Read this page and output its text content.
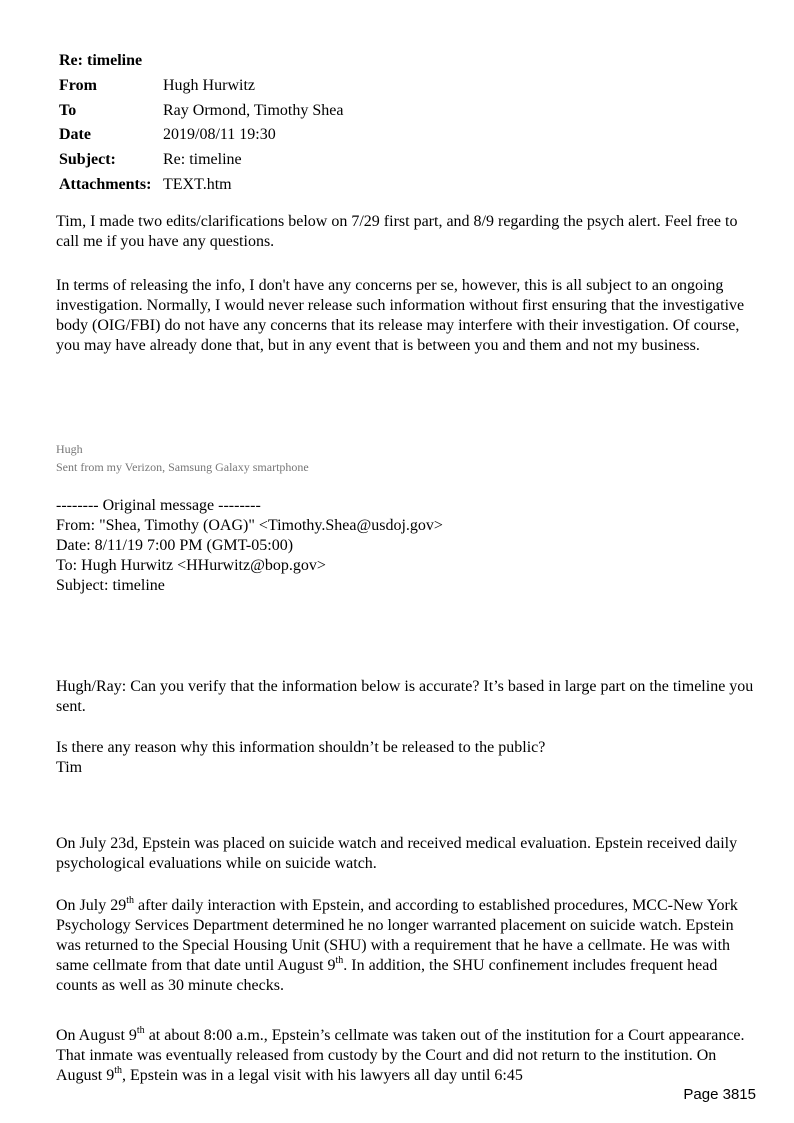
Re: timeline
From	Hugh Hurwitz
To	Ray Ormond, Timothy Shea
Date	2019/08/11 19:30
Subject:	Re: timeline
Attachments: TEXT.htm
Tim, I made two edits/clarifications below on 7/29 first part, and 8/9 regarding the psych alert. Feel free to call me if you have any questions.
In terms of releasing the info, I don't have any concerns per se, however, this is all subject to an ongoing investigation. Normally, I would never release such information without first ensuring that the investigative body (OIG/FBI) do not have any concerns that its release may interfere with their investigation. Of course, you may have already done that, but in any event that is between you and them and not my business.
Hugh
Sent from my Verizon, Samsung Galaxy smartphone
-------- Original message --------
From: "Shea, Timothy (OAG)" <Timothy.Shea@usdoj.gov>
Date: 8/11/19 7:00 PM (GMT-05:00)
To: Hugh Hurwitz <HHurwitz@bop.gov>
Subject: timeline
Hugh/Ray: Can you verify that the information below is accurate? It’s based in large part on the timeline you sent.
Is there any reason why this information shouldn’t be released to the public?
Tim
On July 23d, Epstein was placed on suicide watch and received medical evaluation. Epstein received daily psychological evaluations while on suicide watch.
On July 29th after daily interaction with Epstein, and according to established procedures, MCC-New York Psychology Services Department determined he no longer warranted placement on suicide watch. Epstein was returned to the Special Housing Unit (SHU) with a requirement that he have a cellmate. He was with same cellmate from that date until August 9th. In addition, the SHU confinement includes frequent head counts as well as 30 minute checks.
On August 9th at about 8:00 a.m., Epstein’s cellmate was taken out of the institution for a Court appearance. That inmate was eventually released from custody by the Court and did not return to the institution. On August 9th, Epstein was in a legal visit with his lawyers all day until 6:45
Page 3815
